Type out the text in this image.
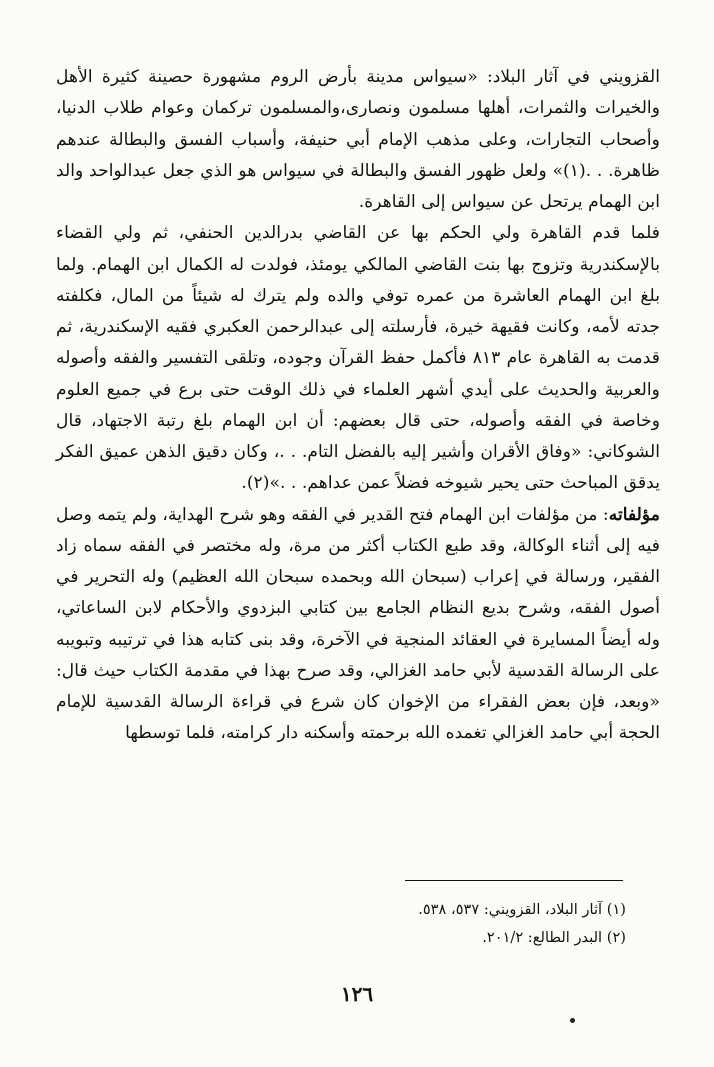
القزويني في آثار البلاد: «سيواس مدينة بأرض الروم مشهورة حصينة كثيرة الأهل والخيرات والثمرات، أهلها مسلمون ونصارى،والمسلمون تركمان وعوام طلاب الدنيا، وأصحاب التجارات، وعلى مذهب الإمام أبي حنيفة، وأسباب الفسق والبطالة عندهم ظاهرة. . .(١)» ولعل ظهور الفسق والبطالة في سيواس هو الذي جعل عبدالواحد والد ابن الهمام يرتحل عن سيواس إلى القاهرة.

فلما قدم القاهرة ولي الحكم بها عن القاضي بدرالدين الحنفي، ثم ولي القضاء بالإسكندرية وتزوج بها بنت القاضي المالكي يومئذ، فولدت له الكمال ابن الهمام. ولما بلغ ابن الهمام العاشرة من عمره توفي والده ولم يترك له شيئاً من المال، فكلفته جدته لأمه، وكانت فقيهة خيرة، فأرسلته إلى عبدالرحمن العكبري فقيه الإسكندرية، ثم قدمت به القاهرة عام ٨١٣ فأكمل حفظ القرآن وجوده، وتلقى التفسير والفقه وأصوله والعربية والحديث على أيدي أشهر العلماء في ذلك الوقت حتى برع في جميع العلوم وخاصة في الفقه وأصوله، حتى قال بعضهم: أن ابن الهمام بلغ رتبة الاجتهاد، قال الشوكاني: «وفاق الأقران وأشير إليه بالفضل التام. . .، وكان دقيق الذهن عميق الفكر يدقق المباحث حتى يحير شيوخه فضلاً عمن عداهم. . .»(٢).

مؤلفاته: من مؤلفات ابن الهمام فتح القدير في الفقه وهو شرح الهداية، ولم يتمه وصل فيه إلى أثناء الوكالة، وقد طبع الكتاب أكثر من مرة، وله مختصر في الفقه سماه زاد الفقير، ورسالة في إعراب (سبحان الله وبحمده سبحان الله العظيم) وله التحرير في أصول الفقه، وشرح بديع النظام الجامع بين كتابي البزدوي والأحكام لابن الساعاتي، وله أيضاً المسايرة في العقائد المنجية في الآخرة، وقد بنى كتابه هذا في ترتيبه وتبويبه على الرسالة القدسية لأبي حامد الغزالي، وقد صرح بهذا في مقدمة الكتاب حيث قال: «وبعد، فإن بعض الفقراء من الإخوان كان شرع في قراءة الرسالة القدسية للإمام الحجة أبي حامد الغزالي تغمده الله برحمته وأسكنه دار كرامته، فلما توسطها

(١) آثار البلاد، القزويني: ٥٣٧، ٥٣٨.
(٢) البدر الطالع: ٢٠١/٢.
١٢٦
